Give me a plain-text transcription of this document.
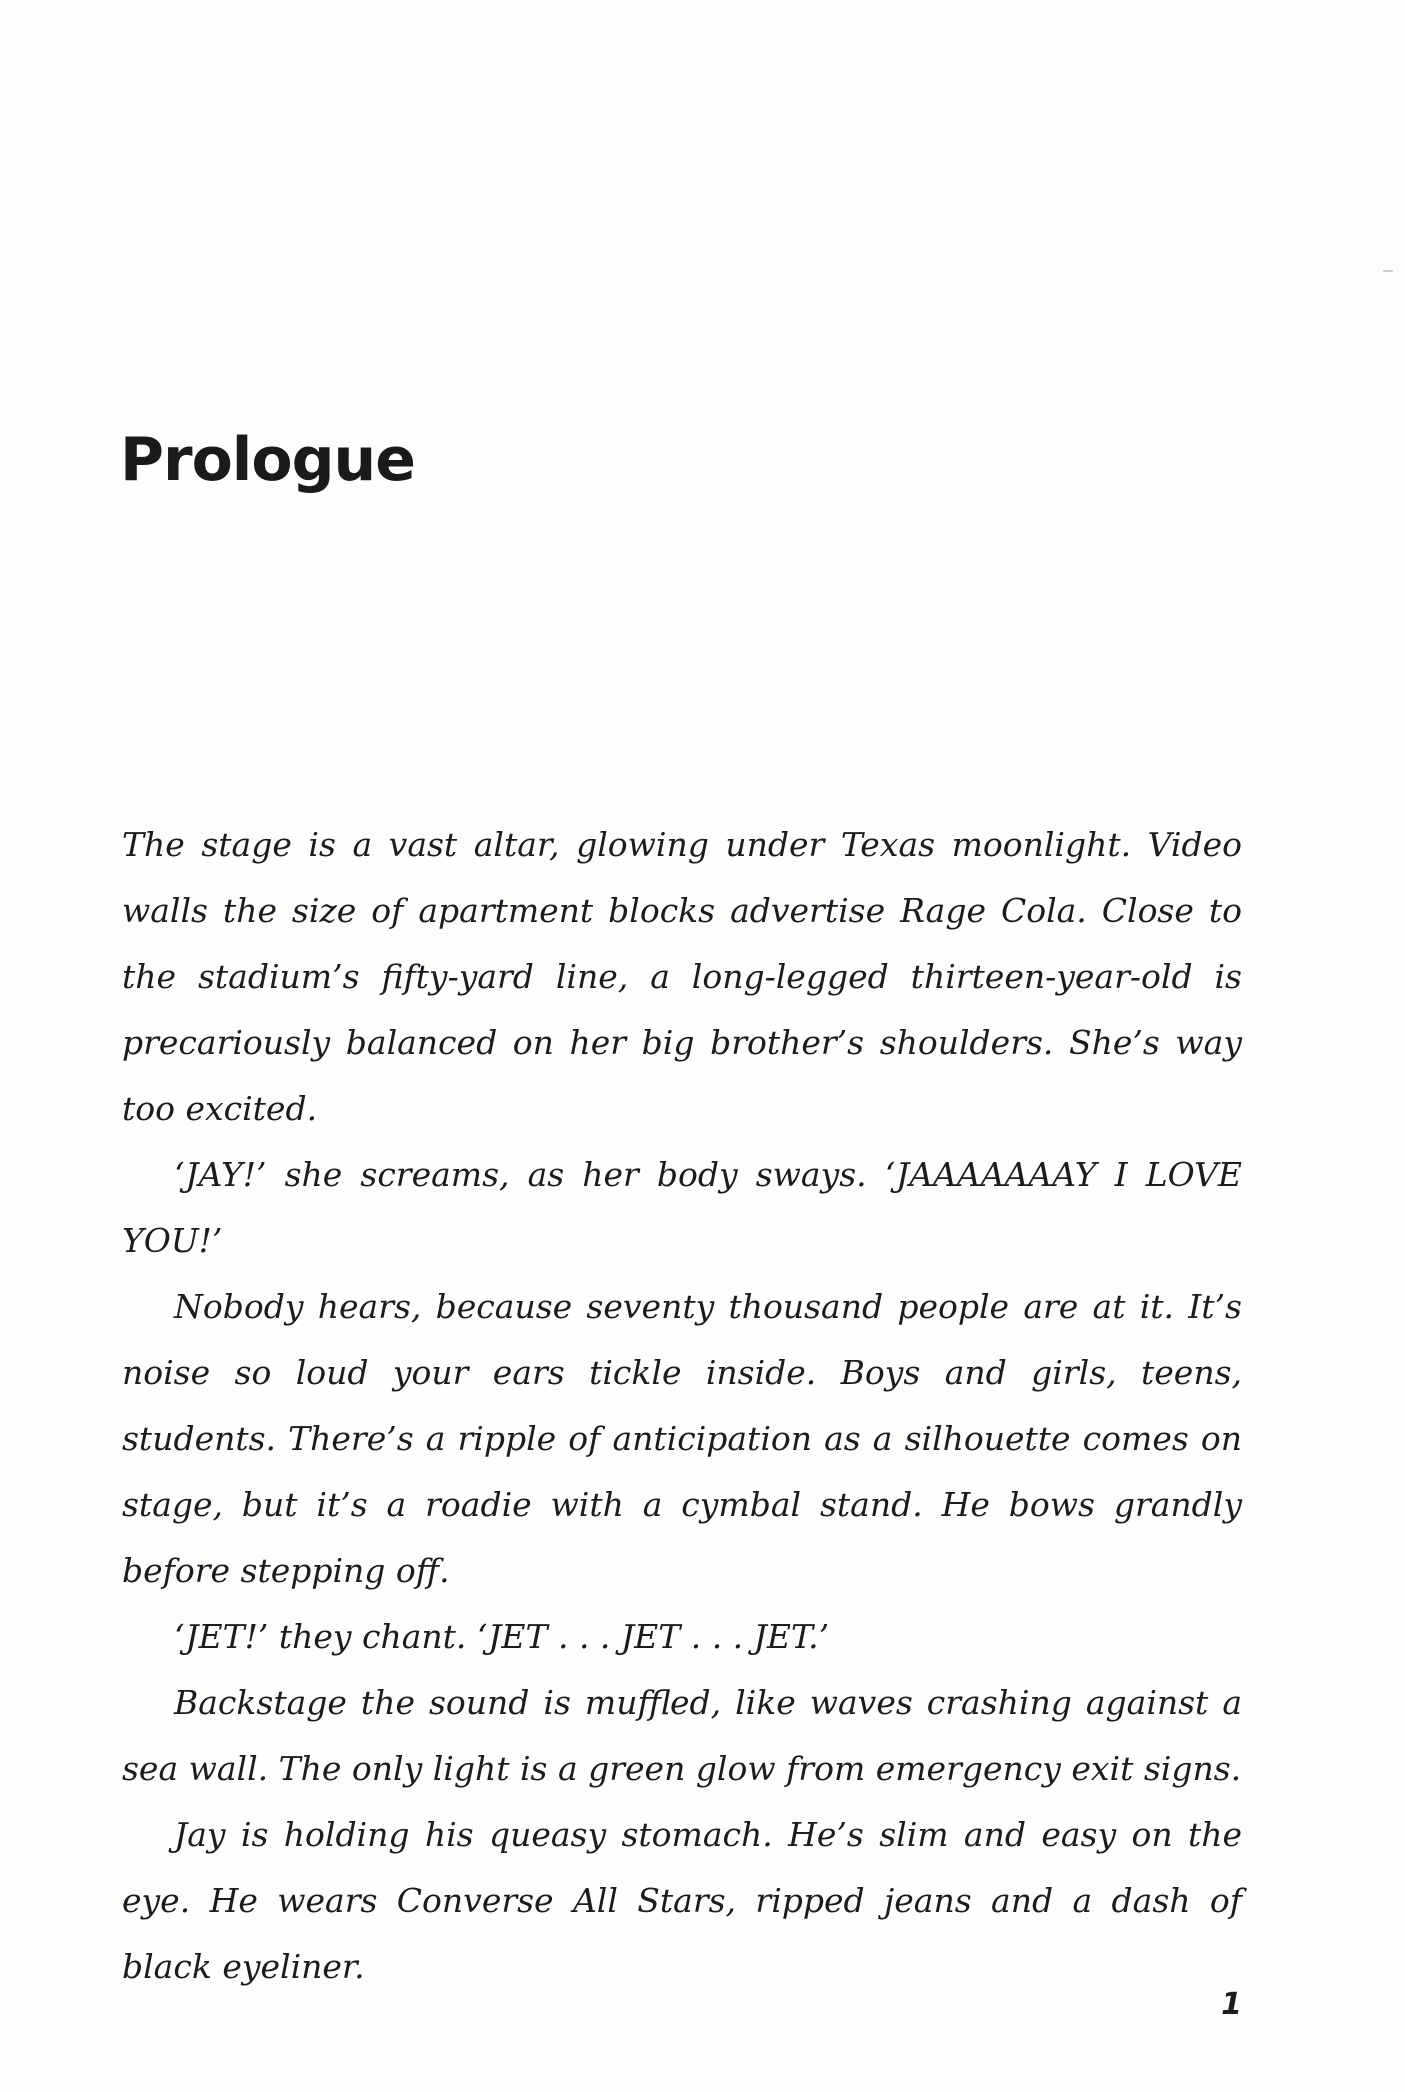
Prologue

The stage is a vast altar, glowing under Texas moonlight. Video walls the size of apartment blocks advertise Rage Cola. Close to the stadium’s fifty-yard line, a long-legged thirteen-year-old is precariously balanced on her big brother’s shoulders. She’s way too excited.

‘JAY!’ she screams, as her body sways. ‘JAAAAAAAY I LOVE YOU!’

Nobody hears, because seventy thousand people are at it. It’s noise so loud your ears tickle inside. Boys and girls, teens, students. There’s a ripple of anticipation as a silhouette comes on stage, but it’s a roadie with a cymbal stand. He bows grandly before stepping off.

‘JET!’ they chant. ‘JET . . . JET . . . JET.’

Backstage the sound is muffled, like waves crashing against a sea wall. The only light is a green glow from emergency exit signs.

Jay is holding his queasy stomach. He’s slim and easy on the eye. He wears Converse All Stars, ripped jeans and a dash of black eyeliner.

1
